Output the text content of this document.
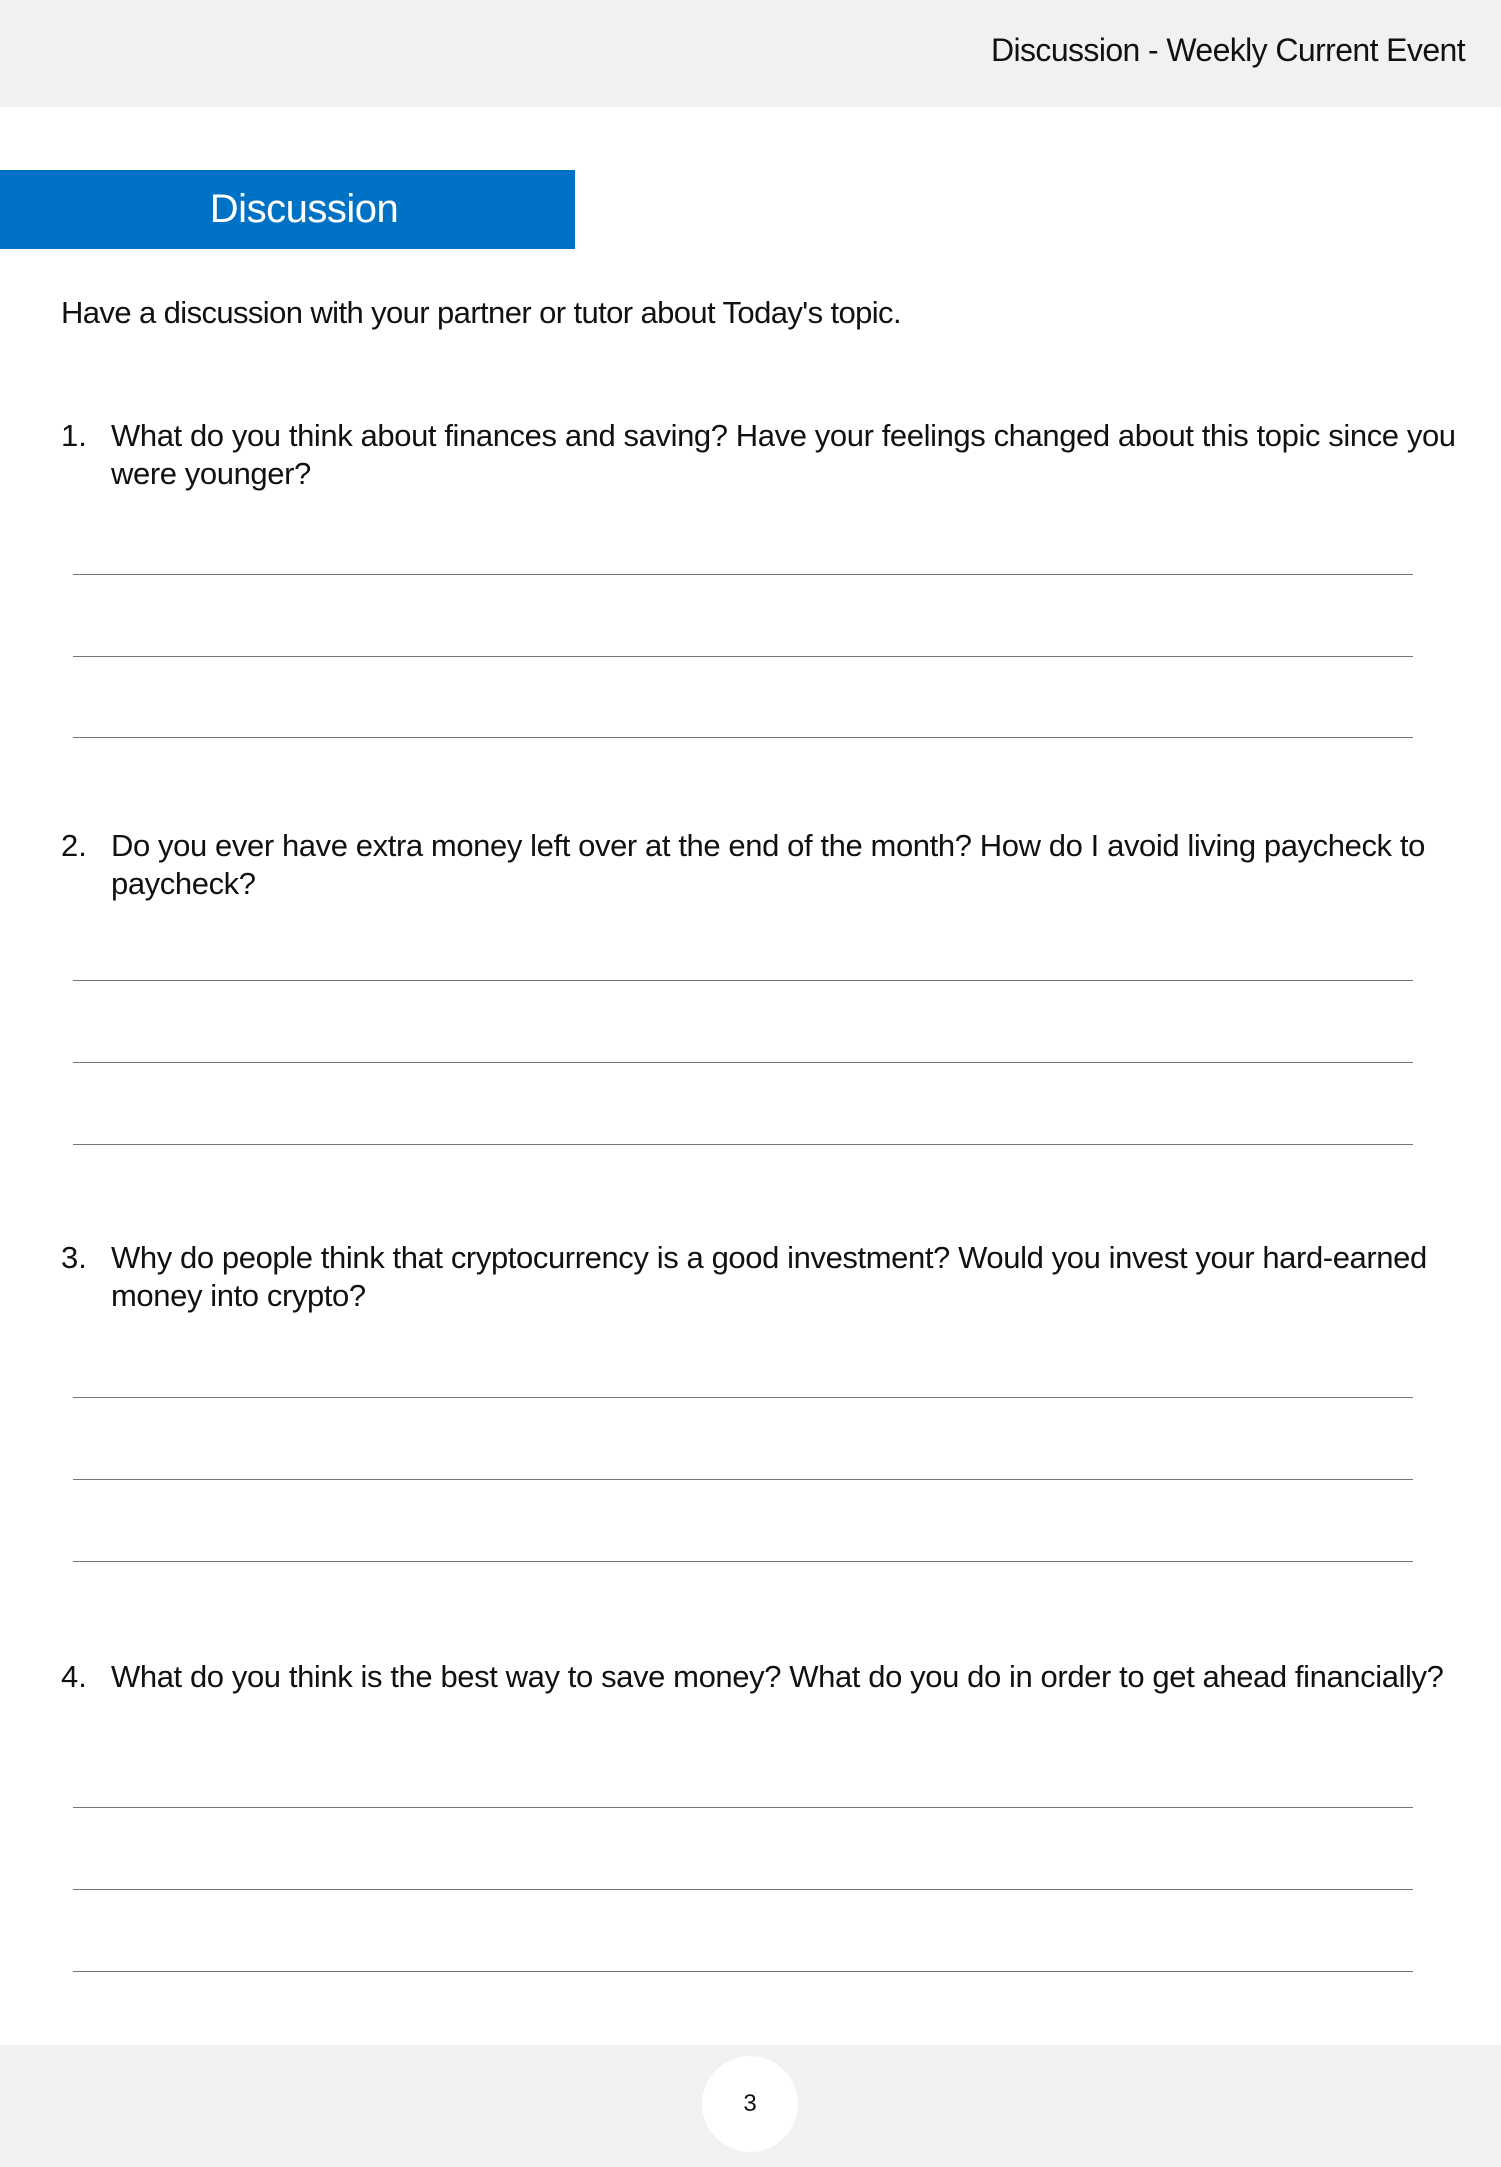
Discussion - Weekly Current Event
Discussion
Have a discussion with your partner or tutor about Today's topic.
1. What do you think about finances and saving? Have your feelings changed about this topic since you were younger?
2. Do you ever have extra money left over at the end of the month? How do I avoid living paycheck to paycheck?
3. Why do people think that cryptocurrency is a good investment? Would you invest your hard-earned money into crypto?
4. What do you think is the best way to save money? What do you do in order to get ahead financially?
3
